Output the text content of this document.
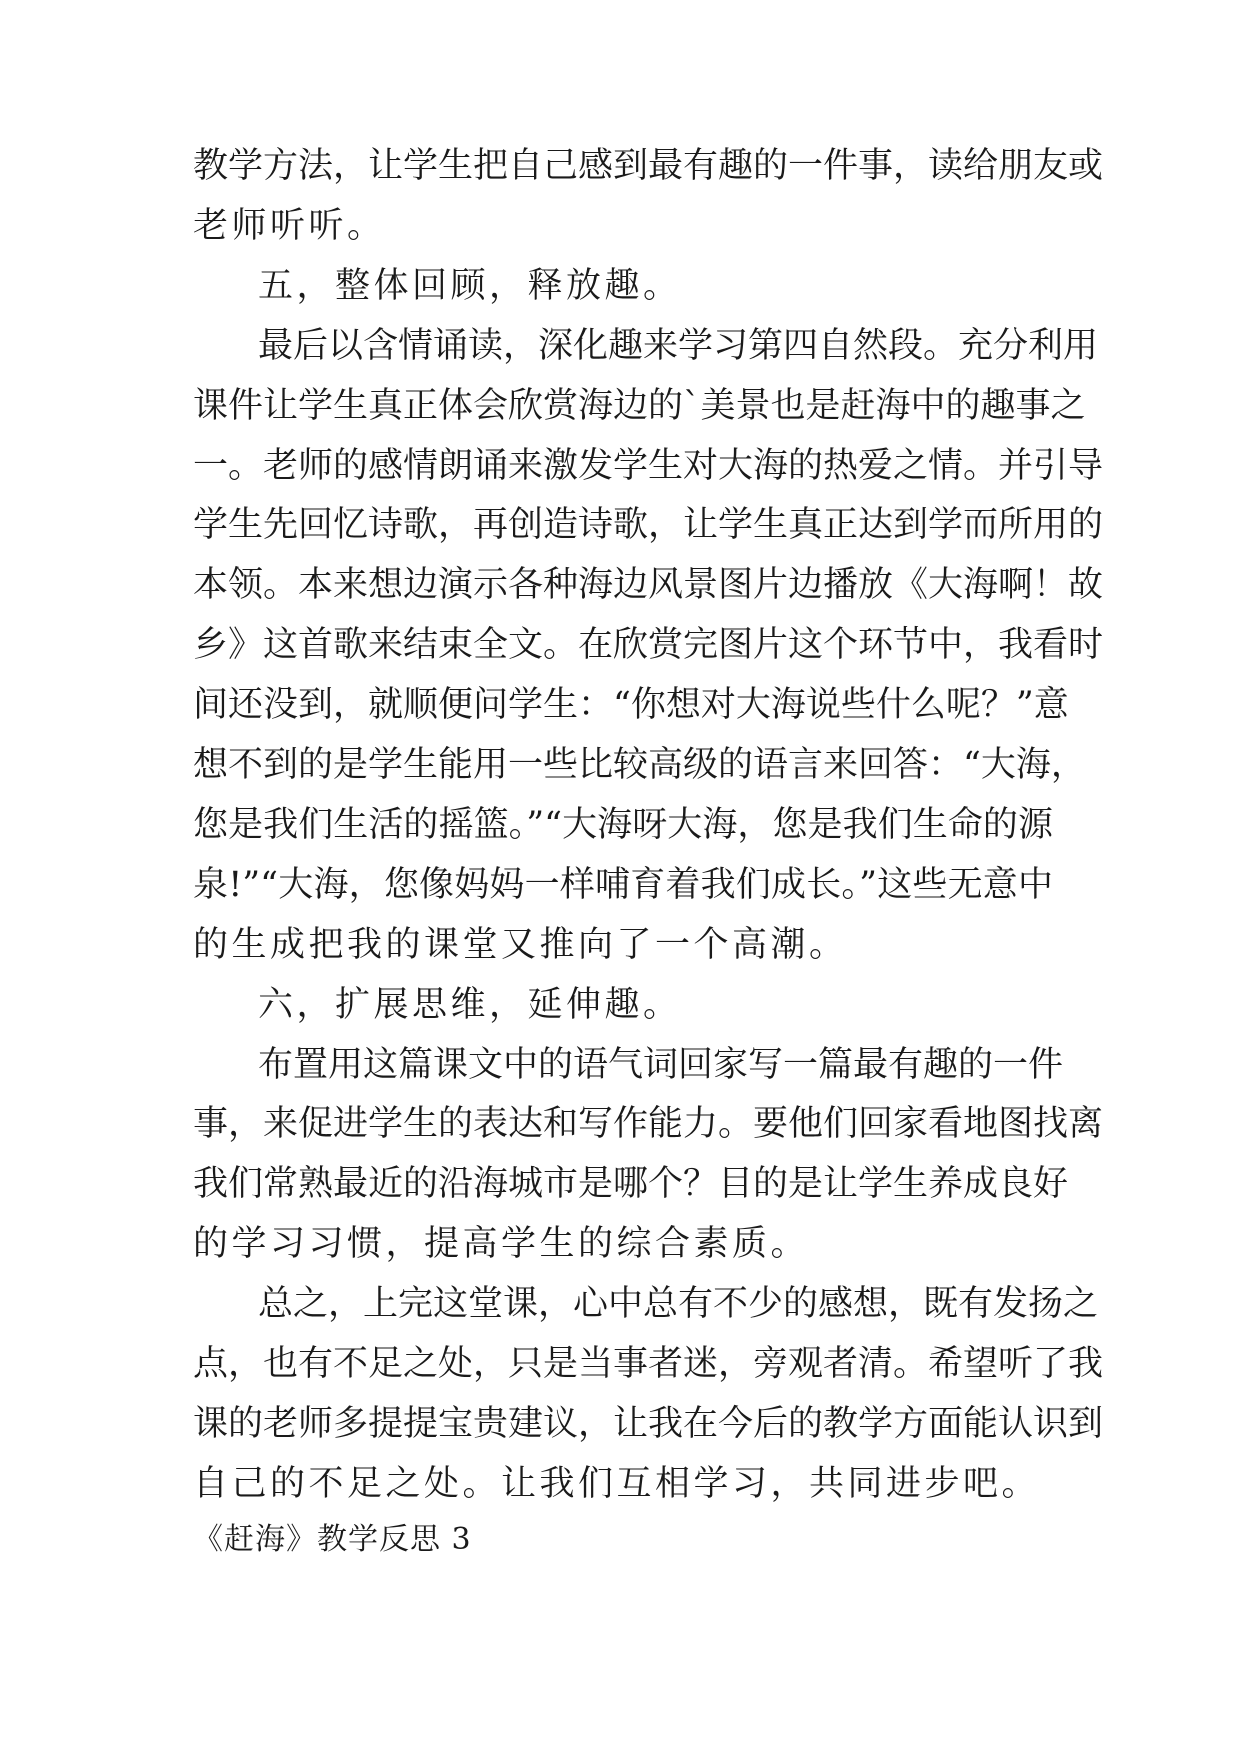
教学方法，让学生把自己感到最有趣的一件事，读给朋友或
老师听听。
五，整体回顾，释放趣。
最后以含情诵读，深化趣来学习第四自然段。充分利用
课件让学生真正体会欣赏海边的`美景也是赶海中的趣事之
一。老师的感情朗诵来激发学生对大海的热爱之情。并引导
学生先回忆诗歌，再创造诗歌，让学生真正达到学而所用的
本领。本来想边演示各种海边风景图片边播放《大海啊！故
乡》这首歌来结束全文。在欣赏完图片这个环节中，我看时
间还没到，就顺便问学生：“你想对大海说些什么呢？”意
想不到的是学生能用一些比较高级的语言来回答：“大海，
您是我们生活的摇篮。”“大海呀大海，您是我们生命的源
泉!”“大海，您像妈妈一样哺育着我们成长。”这些无意中
的生成把我的课堂又推向了一个高潮。
六，扩展思维，延伸趣。
布置用这篇课文中的语气词回家写一篇最有趣的一件
事，来促进学生的表达和写作能力。要他们回家看地图找离
我们常熟最近的沿海城市是哪个？目的是让学生养成良好
的学习习惯，提高学生的综合素质。
总之，上完这堂课，心中总有不少的感想，既有发扬之
点，也有不足之处，只是当事者迷，旁观者清。希望听了我
课的老师多提提宝贵建议，让我在今后的教学方面能认识到
自己的不足之处。让我们互相学习，共同进步吧。
《赶海》教学反思 3
